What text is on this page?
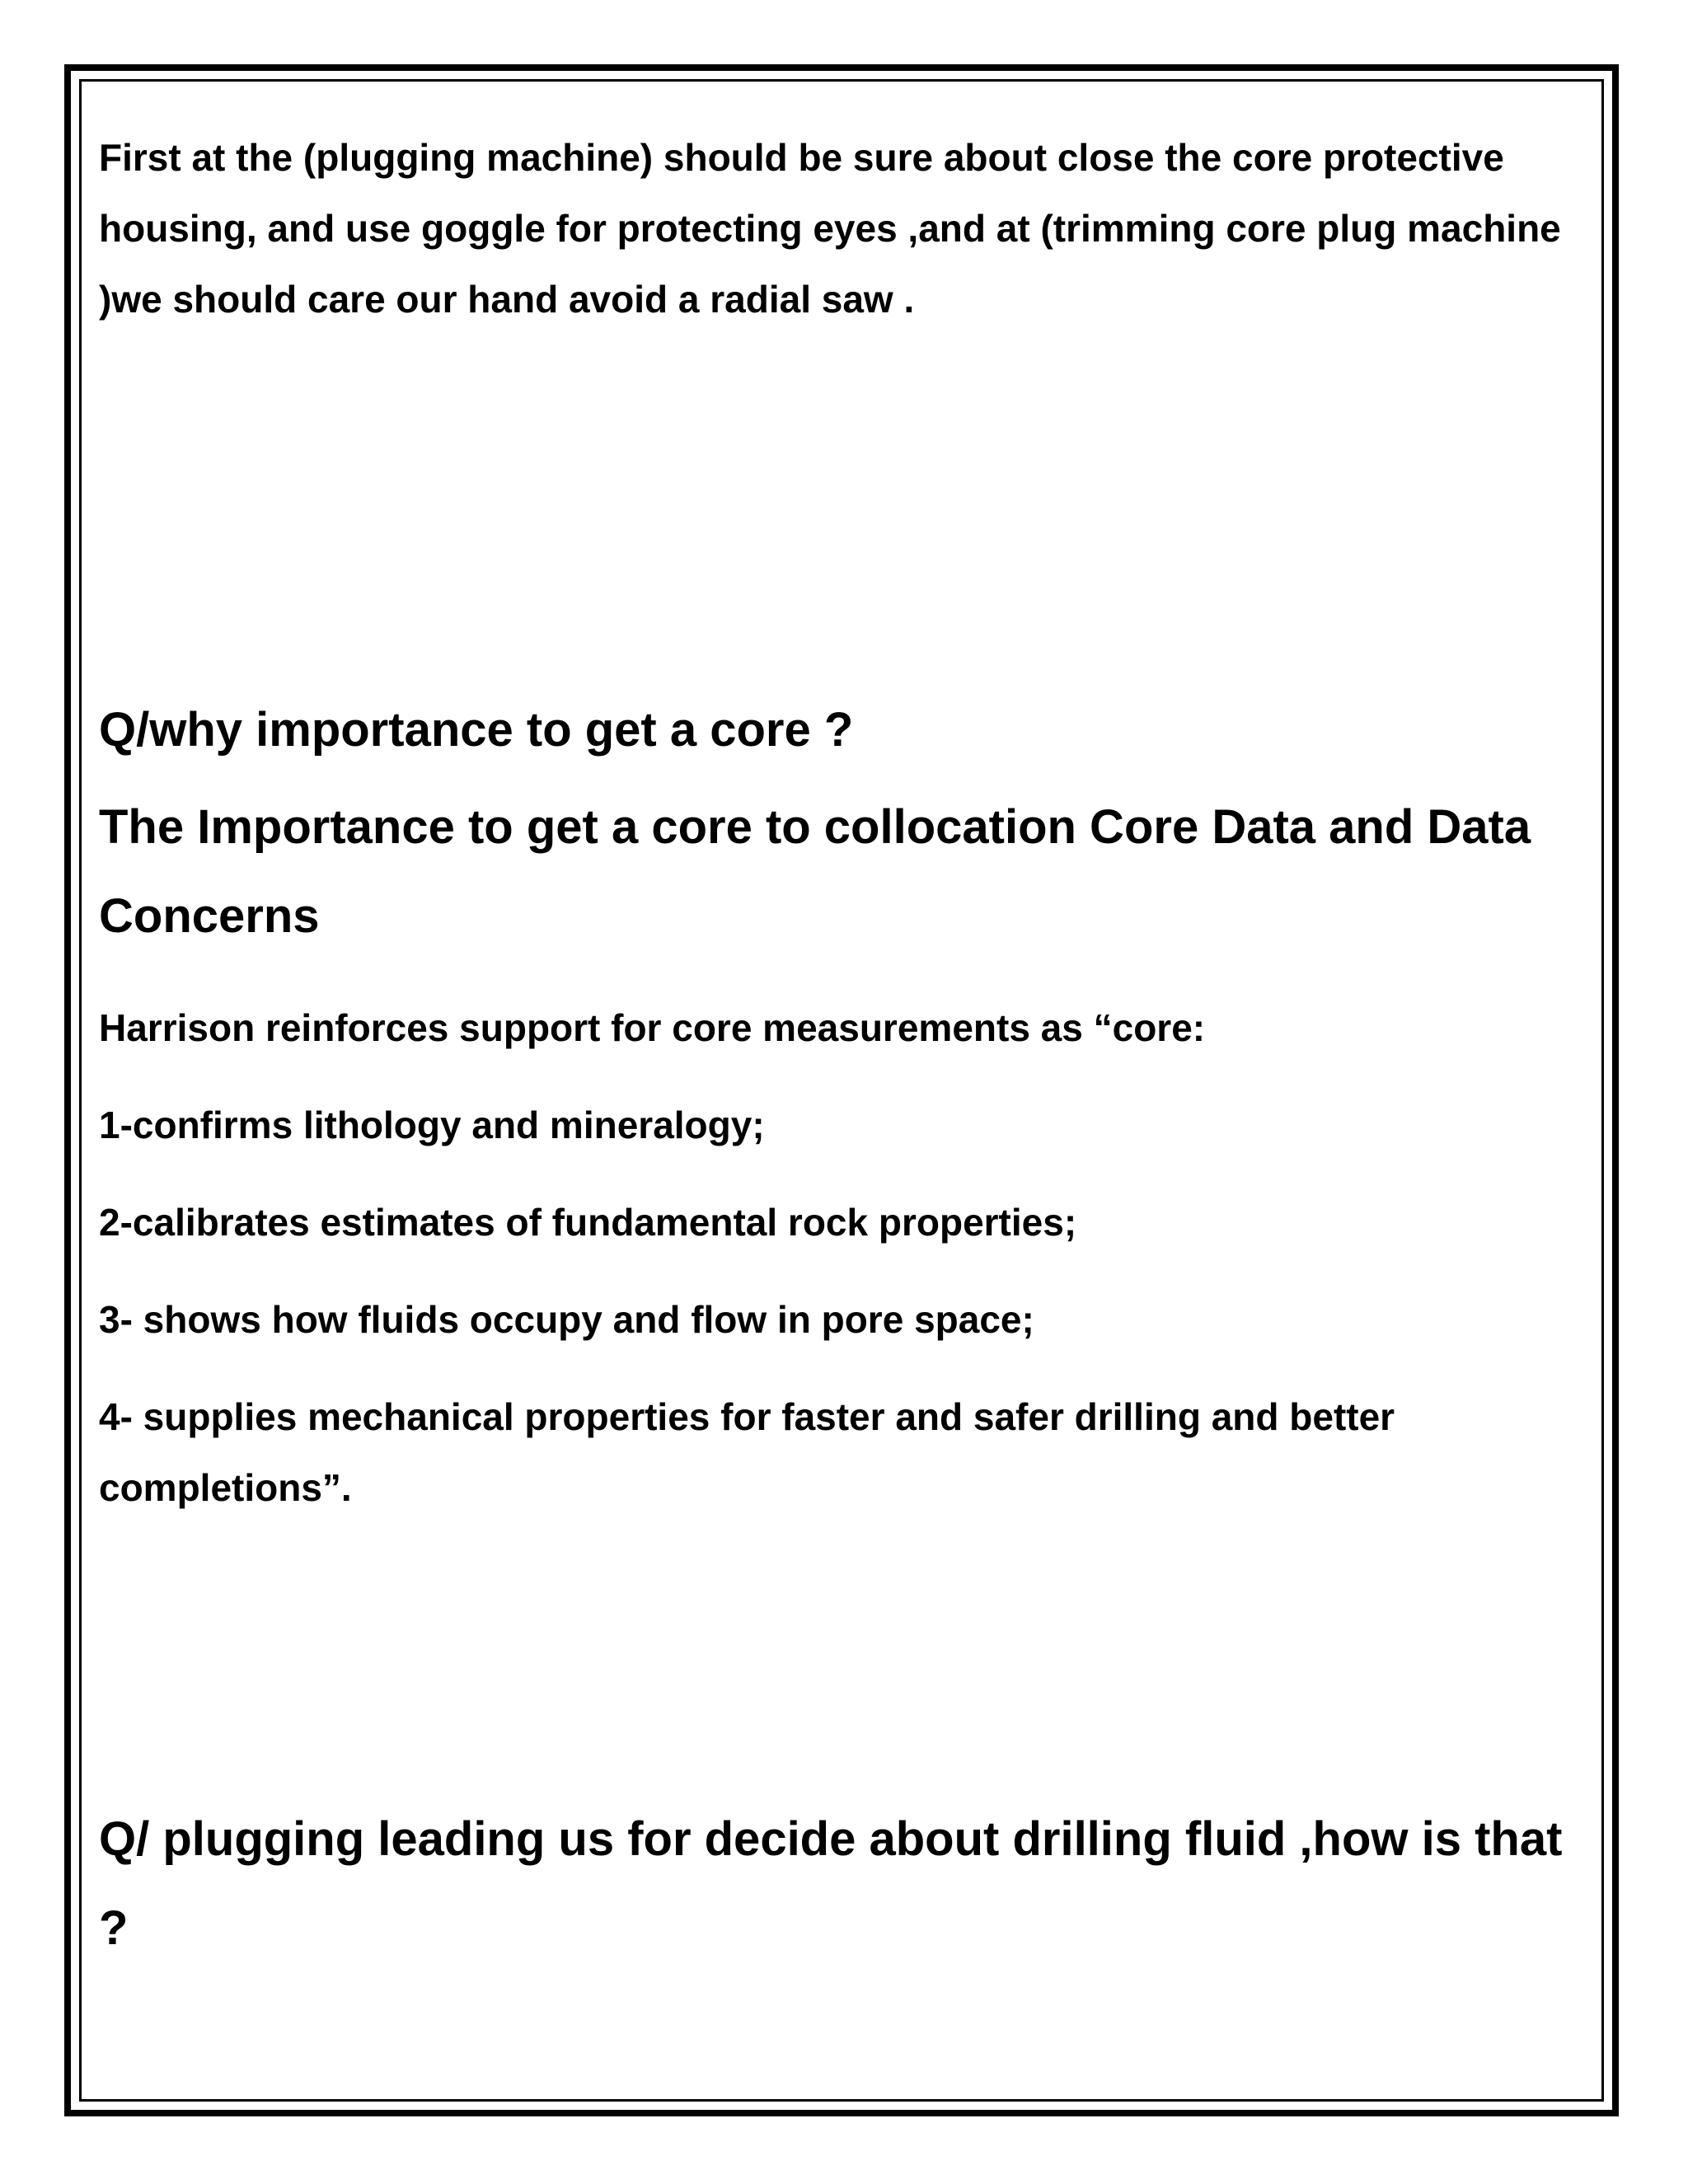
First at the (plugging machine) should be sure about close the core protective housing, and use goggle for protecting eyes ,and at (trimming core plug machine )we should care our hand avoid a radial saw .

Q/why importance to get a core ?

The Importance to get a core to collocation Core Data and Data Concerns

Harrison reinforces support for core measurements as “core:

1-confirms lithology and mineralogy;

2-calibrates estimates of fundamental rock properties;

3- shows how fluids occupy and flow in pore space;

4- supplies mechanical properties for faster and safer drilling and better completions”.

Q/ plugging leading us for decide about drilling fluid ,how is that ?
